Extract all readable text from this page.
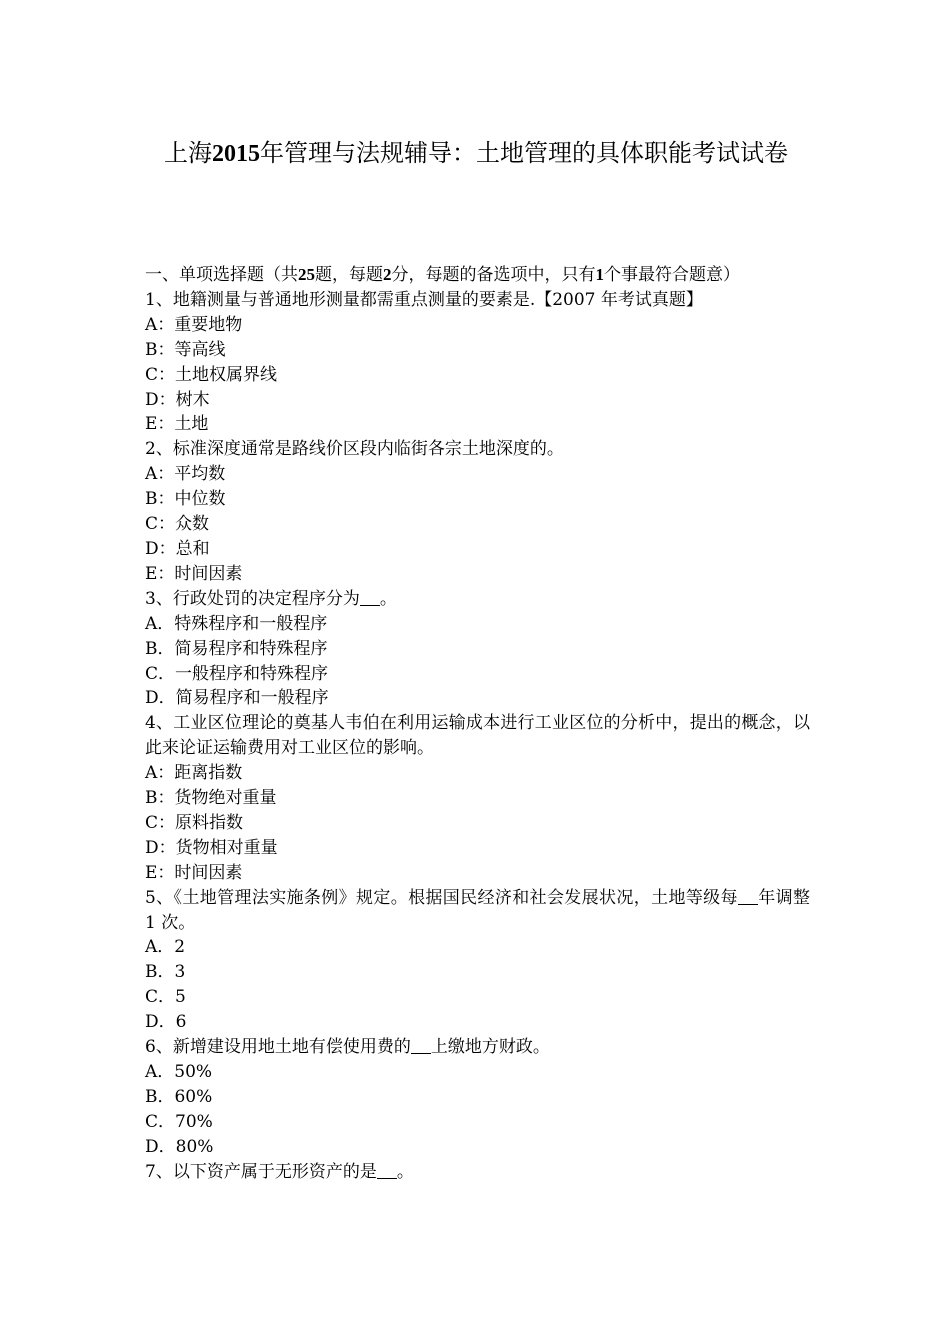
上海2015年管理与法规辅导：土地管理的具体职能考试试卷
一、单项选择题（共25题，每题2分，每题的备选项中，只有1个事最符合题意）
1、地籍测量与普通地形测量都需重点测量的要素是.【2007 年考试真题】
A：重要地物
B：等高线
C：土地权属界线
D：树木
E：土地
2、标准深度通常是路线价区段内临街各宗土地深度的。
A：平均数
B：中位数
C：众数
D：总和
E：时间因素
3、行政处罚的决定程序分为 。
A．特殊程序和一般程序
B．简易程序和特殊程序
C．一般程序和特殊程序
D．简易程序和一般程序
4、工业区位理论的奠基人韦伯在利用运输成本进行工业区位的分析中，提出的概念，以此来论证运输费用对工业区位的影响。
A：距离指数
B：货物绝对重量
C：原料指数
D：货物相对重量
E：时间因素
5、《土地管理法实施条例》规定。根据国民经济和社会发展状况，土地等级每 年调整 1 次。
A．2
B．3
C．5
D．6
6、新增建设用地土地有偿使用费的 上缴地方财政。
A．50%
B．60%
C．70%
D．80%
7、以下资产属于无形资产的是 。
